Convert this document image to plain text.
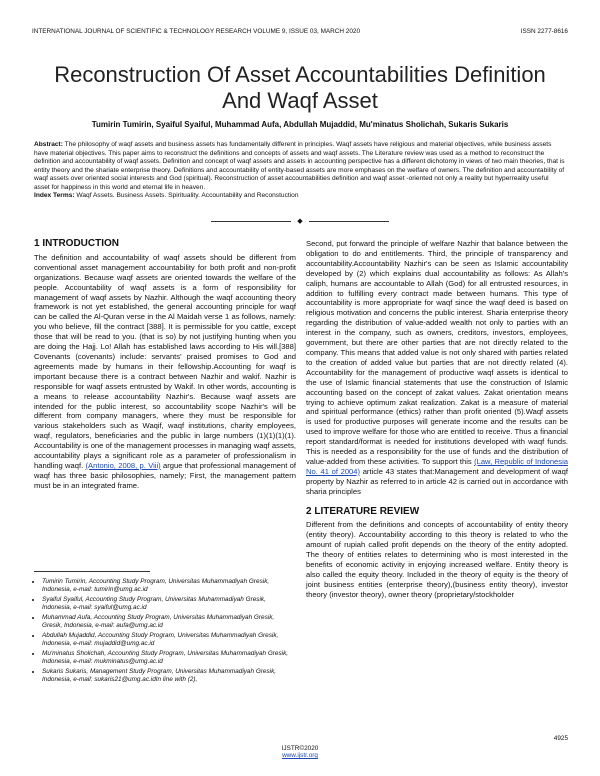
INTERNATIONAL JOURNAL OF SCIENTIFIC & TECHNOLOGY RESEARCH VOLUME 9, ISSUE 03, MARCH 2020	ISSN 2277-8616
Reconstruction Of Asset Accountabilities Definition And Waqf Asset
Tumirin Tumirin, Syaiful Syaiful, Muhammad Aufa, Abdullah Mujaddid, Mu'minatus Sholichah, Sukaris Sukaris

Abstract: The philosophy of waqf assets and business assets has fundamentally different in principles. Waqf assets have religious and material objectives, while business assets have material objectives. This paper aims to reconstruct the definitions and concepts of assets and waqf assets. The Literature review was used as a method to reconstruct the definition and accountability of waqf assets. Definition and concept of waqf assets and assets in accounting perspective has a different dichotomy in views of two main theories, that is entity theory and the shariate enterprise theory. Definitions and accountability of entity-based assets are more emphases on the welfare of owners. The definition and accountability of waqf assets over oriented social interests and God (spiritual). Reconstruction of asset accountabilities definition and waqf asset -oriented not only a reality but hyperreality useful asset for happiness in this world and eternal life in heaven.

Index Terms: Waqf Assets. Business Assets. Spirituality. Accountability and Reconstuction

◆
1 INTRODUCTION

The definition and accountability of waqf assets should be different from conventional asset management accountability for both profit and non-profit organizations. Because waqf assets are oriented towards the welfare of the people. Accountability of waqf assets is a form of responsibility for management of waqf assets by Nazhir. Although the waqf accounting theory framework is not yet established, the general accounting principle for waqf can be called the Al-Quran verse in the Al Maidah verse 1 as follows, namely: you who believe, fill the contract [388]. It is permissible for you cattle, except those that will be read to you. (that is so) by not justifying hunting when you are doing the Hajj. Lo! Allah has established laws according to His will.[388] Covenants (covenants) include: servants' praised promises to God and agreements made by humans in their fellowship.Accounting for waqf is important because there is a contract between Nazhir and wakif. Nazhir is responsible for waqf assets entrusted by Wakif. In other words, accounting is a means to release accountability Nazhir's. Because waqf assets are intended for the public interest, so accountability scope Nazhir's will be different from company managers, where they must be responsible for various stakeholders such as Waqif, waqf institutions, charity employees, waqf, regulators, beneficiaries and the public in large numbers (1)(1)(1)(1). Accountability is one of the management processes in managing waqf assets, accountability plays a significant role as a parameter of professionalism in handling waqf. (Antonio, 2008, p. Viii) argue that professional management of waqf has three basic philosophies, namely; First, the management pattern must be in an integrated frame.

• Tumirin Tumirin, Accounting Study Program, Universitas Muhammadiyah Gresik, Indonesia, e-mail: tumirin@umg.ac.id
• Syaiful Syaiful, Accounting Study Program, Universitas Muhammadiyah Gresik, Indonesia, e-mail: syaiful@umg.ac.id
• Muhammad Aufa, Accounting Study Program, Universitas Muhammadiyah Gresik, Gresik, Indonesia, e-mail: aufa@umg.ac.id
• Abdullah Mujaddid, Accounting Study Program, Universitas Muhammadiyah Gresik, Indonesia, e-mail: mujaddid@umg.ac.id
• Mu'minatus Sholichah, Accounting Study Program, Universitas Muhammadiyah Gresik, Indonesia, e-mail: mukminatus@umg.ac.id
• Sukaris Sukaris, Management Study Program, Universitas Muhammadiyah Gresik, Indonesia, e-mail: sukaris21@umg.ac.idIn line with (2),

Second, put forward the principle of welfare Nazhir that balance between the obligation to do and entitlements. Third, the principle of transparency and accountability.Accountability Nazhir's can be seen as Islamic accountability developed by (2) which explains dual accountability as follows: As Allah's caliph, humans are accountable to Allah (God) for all entrusted resources, in addition to fulfilling every contract made between humans. This type of accountability is more appropriate for waqf since the waqf deed is based on religious motivation and concerns the public interest. Sharia enterprise theory regarding the distribution of value-added wealth not only to parties with an interest in the company, such as owners, creditors, investors, employees, government, but there are other parties that are not directly related to the company. This means that added value is not only shared with parties related to the creation of added value but parties that are not directly related (4). Accountability for the management of productive waqf assets is identical to the use of Islamic financial statements that use the construction of Islamic accounting based on the concept of zakat values. Zakat orientation means trying to achieve optimum zakat realization. Zakat is a measure of material and spiritual performance (ethics) rather than profit oriented (5).Waqf assets is used for productive purposes will generate income and the results can be used to improve welfare for those who are entitled to receive. Thus a financial report standard/format is needed for institutions developed with waqf funds. This is needed as a responsibility for the use of funds and the distribution of value-added from these activities. To support this (Law, Republic of Indonesia No. 41 of 2004) article 43 states that:Management and development of waqf property by Nazhir as referred to in article 42 is carried out in accordance with sharia principles

2 LITERATURE REVIEW

Different from the definitions and concepts of accountability of entity theory (entity theory). Accountability according to this theory is related to who the amount of rupiah called profit depends on the theory of the entity adopted. The theory of entities relates to determining who is most interested in the benefits of economic activity in enjoying increased welfare. Entity theory is also called the equity theory. Included in the theory of equity is the theory of joint business entities (enterprise theory),(business entity theory), investor theory (investor theory), owner theory (proprietary/stockholder

4925
IJSTR©2020
www.ijstr.org
